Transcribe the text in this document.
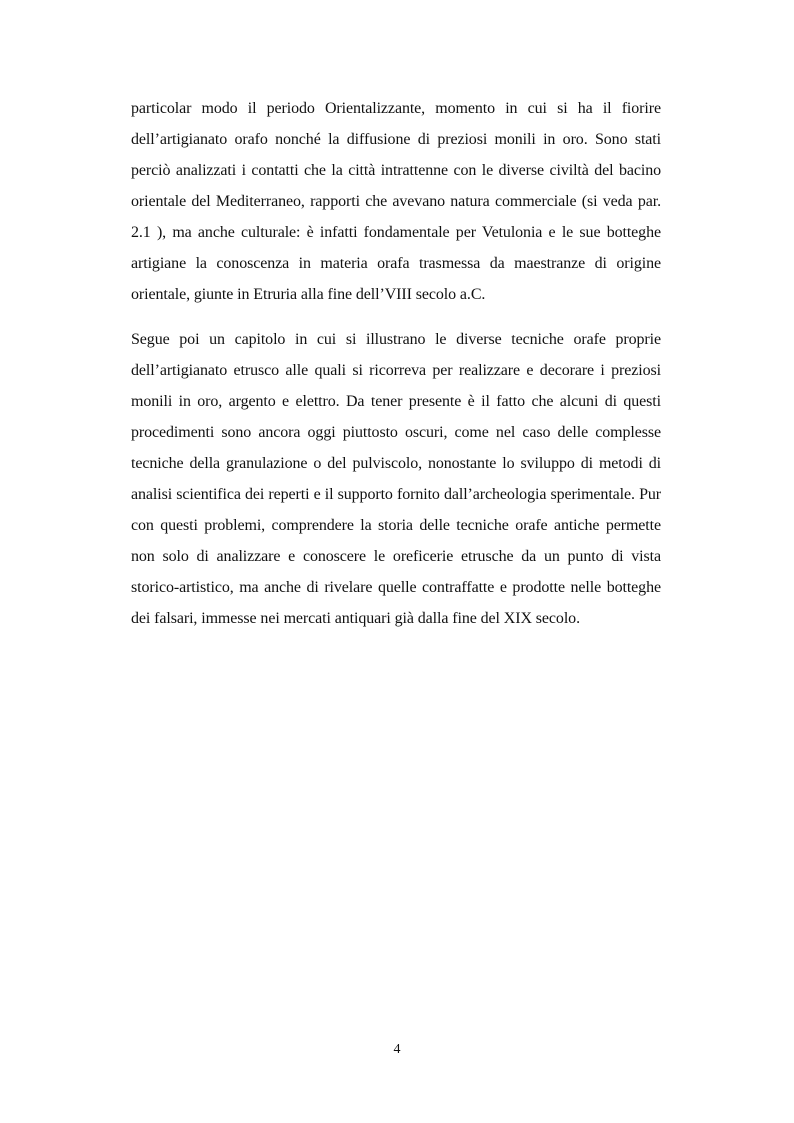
particolar modo il periodo Orientalizzante, momento in cui si ha il fiorire dell’artigianato orafo nonché la diffusione di preziosi monili in oro. Sono stati perciò analizzati i contatti che la città intrattenne con le diverse civiltà del bacino orientale del Mediterraneo, rapporti che avevano natura commerciale (si veda par. 2.1 ), ma anche culturale: è infatti fondamentale per Vetulonia e le sue botteghe artigiane la conoscenza in materia orafa trasmessa da maestranze di origine orientale, giunte in Etruria alla fine dell’VIII secolo a.C.

Segue poi un capitolo in cui si illustrano le diverse tecniche orafe proprie dell’artigianato etrusco alle quali si ricorreva per realizzare e decorare i preziosi monili in oro, argento e elettro. Da tener presente è il fatto che alcuni di questi procedimenti sono ancora oggi piuttosto oscuri, come nel caso delle complesse tecniche della granulazione o del pulviscolo, nonostante lo sviluppo di metodi di analisi scientifica dei reperti e il supporto fornito dall’archeologia sperimentale. Pur con questi problemi, comprendere la storia delle tecniche orafe antiche permette non solo di analizzare e conoscere le oreficerie etrusche da un punto di vista storico-artistico, ma anche di rivelare quelle contraffatte e prodotte nelle botteghe dei falsari, immesse nei mercati antiquari già dalla fine del XIX secolo.

4
